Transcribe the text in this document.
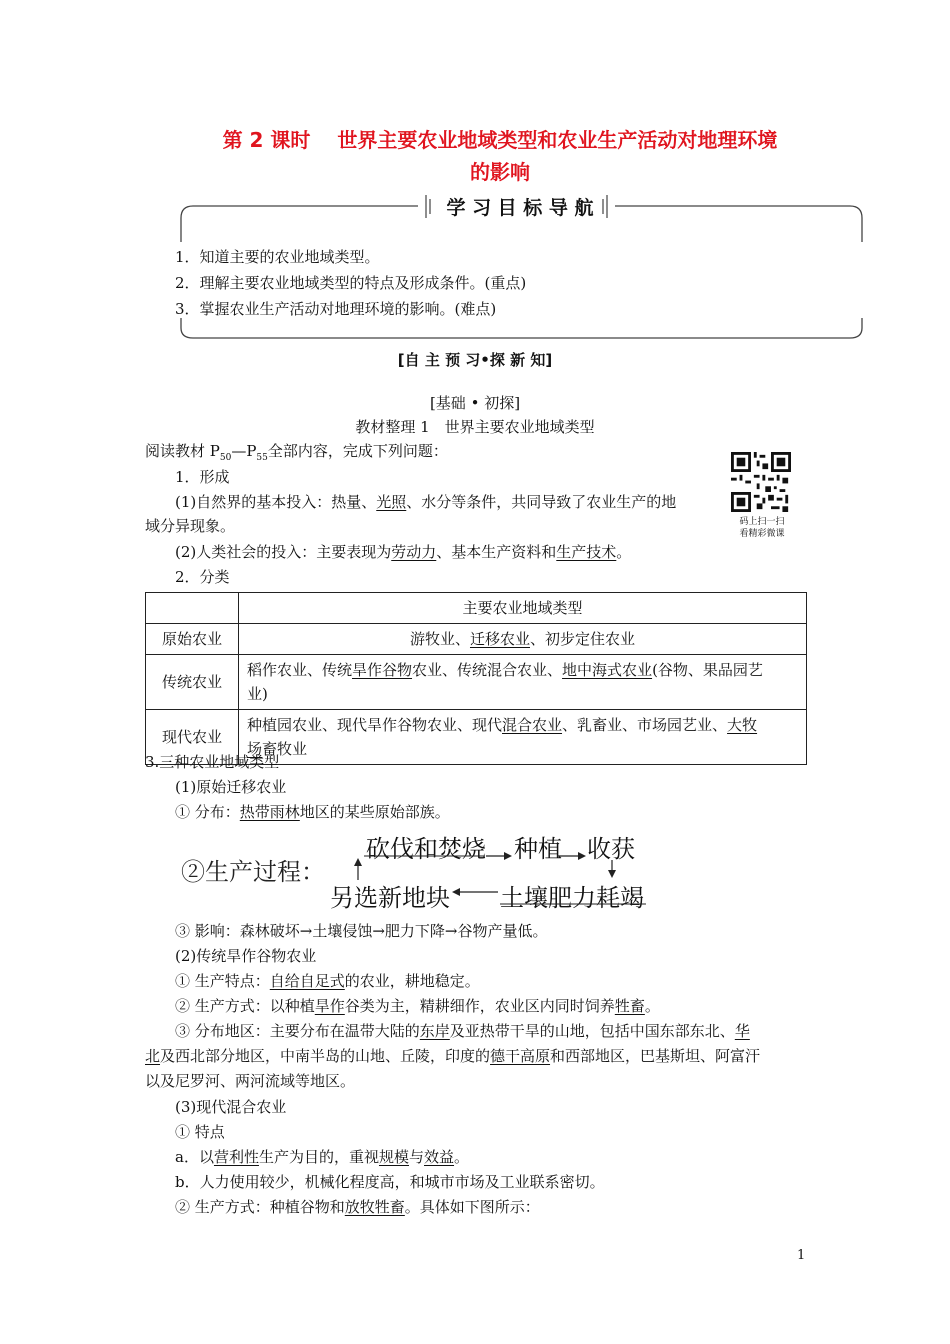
第 2 课时　 世界主要农业地域类型和农业生产活动对地理环境
的影响
学 习 目 标 导 航
1．知道主要的农业地域类型。
2．理解主要农业地域类型的特点及形成条件。(重点)
3．掌握农业生产活动对地理环境的影响。(难点)
[自 主 预 习•探 新 知]
[基础 • 初探]
教材整理 1　世界主要农业地域类型
阅读教材 $P_{50}—P_{55}$全部内容，完成下列问题：
码上扫一扫
看精彩微课
1．形成
(1)自然界的基本投入：热量、光照、水分等条件，共同导致了农业生产的地
域分异现象。
(2)人类社会的投入：主要表现为劳动力、基本生产资料和生产技术。
2．分类
	主要农业地域类型
原始农业	游牧业、迁移农业、初步定住农业
传统农业	稻作农业、传统旱作谷物农业、传统混合农业、地中海式农业(谷物、果品园艺
业)
现代农业	种植园农业、现代旱作谷物农业、现代混合农业、乳畜业、市场园艺业、大牧
场畜牧业
3.三种农业地域类型
(1)原始迁移农业
① 分布：热带雨林地区的某些原始部族。
②生产过程：
砍伐和焚烧 种植 收获
土壤肥力耗竭
另选新地块
③ 影响：森林破坏→土壤侵蚀→肥力下降→谷物产量低。
(2)传统旱作谷物农业
① 生产特点：自给自足式的农业，耕地稳定。
② 生产方式：以种植旱作谷类为主，精耕细作，农业区内同时饲养牲畜。
③ 分布地区：主要分布在温带大陆的东岸及亚热带干旱的山地，包括中国东部东北、华
北及西北部分地区，中南半岛的山地、丘陵，印度的德干高原和西部地区，巴基斯坦、阿富汗
以及尼罗河、两河流域等地区。
(3)现代混合农业
① 特点
a．以营利性生产为目的，重视规模与效益。
b．人力使用较少，机械化程度高，和城市市场及工业联系密切。
② 生产方式：种植谷物和放牧牲畜。具体如下图所示：
1
